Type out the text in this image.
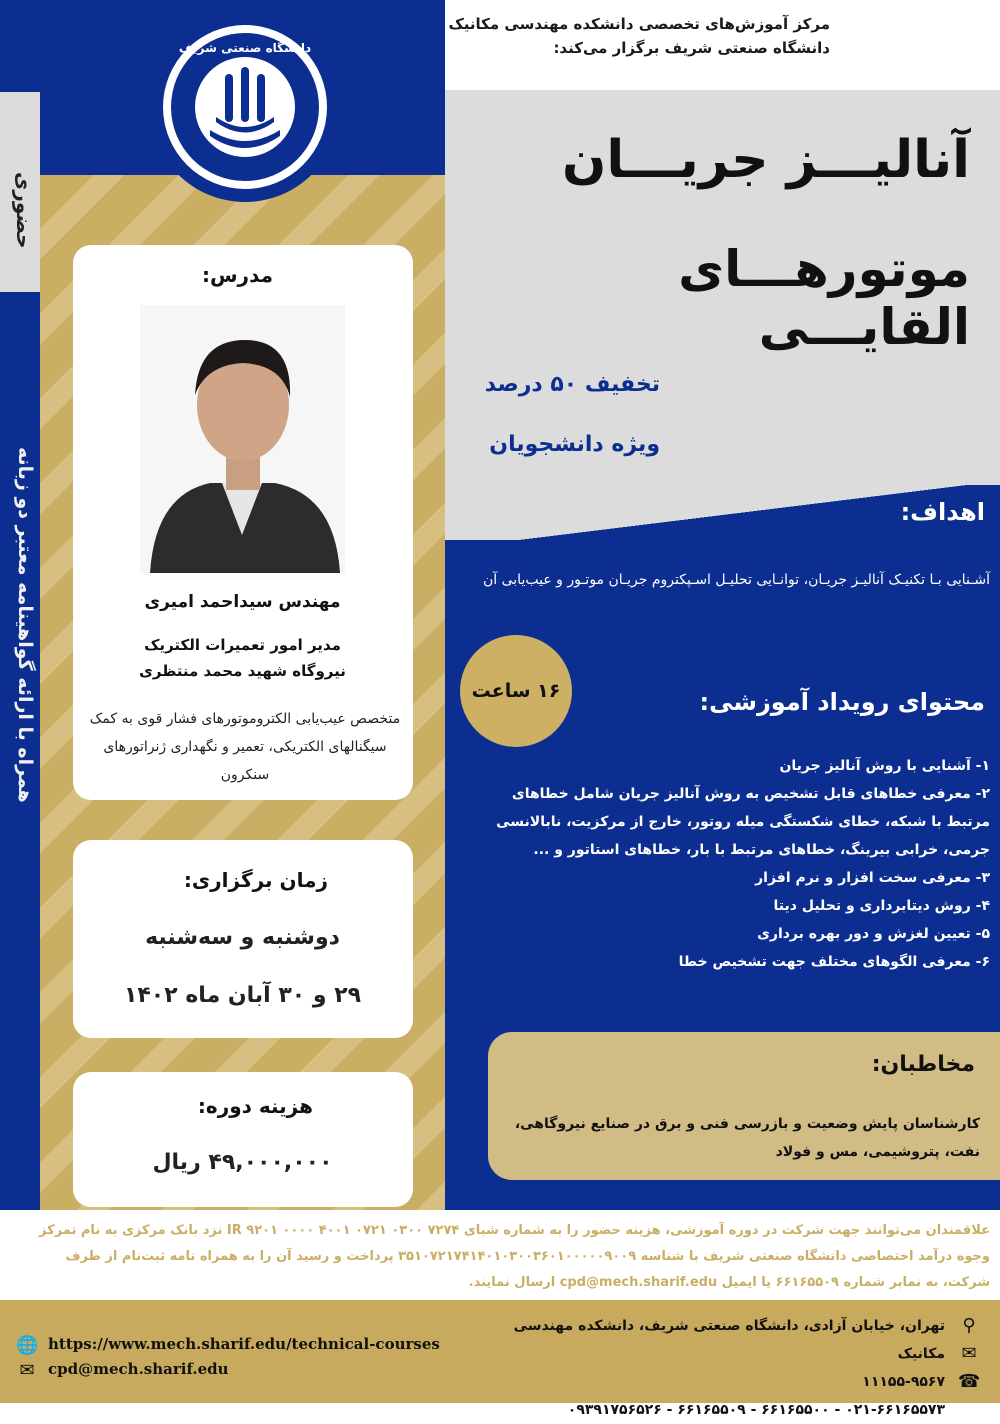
حضوری
همراه با ارائه گواهینامه معتبر دو زبانه
دانشگاه صنعتی شریف
مرکز آموزش‌های تخصصی دانشکده مهندسی مکانیک
دانشگاه صنعتی شریف برگزار می‌کند:
آنالیـــز جریـــان
موتورهـــای القایـــی
تخفیف ۵۰ درصد
ویژه دانشجویان
مدرس:
مهندس سیداحمد امیری
مدیر امور تعمیرات الکتریک
نیروگاه شهید محمد منتظری
متخصص عیب‌یابی الکتروموتورهای فشار قوی به کمک سیگنالهای الکتریکی، تعمیر و نگهداری ژنراتورهای سنکرون
زمان برگزاری:
دوشنبه و سه‌شنبه
۲۹ و ۳۰ آبان ماه ۱۴۰۲
هزینه دوره:
۴۹,۰۰۰,۰۰۰ ریال
اهداف:
آشـنایی بـا تکنیـک آنالیـز جریـان، توانـایی تحلیـل اسـپکتروم جریـان موتـور و عیب‌یابی آن
۱۶ ساعت	محتوای رویداد آموزشی:

۱- آشنایی با روش آنالیز جریان

۲- معرفی خطاهای قابل تشخیص به روش آنالیز جریان شامل خطاهای مرتبط با شبکه، خطای شکستگی میله روتور، خارج از مرکزیت، نابالانسی جرمی، خرابی بیرینگ، خطاهای مرتبط با بار، خطاهای استاتور و ...

۳- معرفی سخت افزار و نرم افزار

۴- روش دیتابرداری و تحلیل دیتا

۵- تعیین لغزش و دور بهره برداری

۶- معرفی الگوهای مختلف جهت تشخیص خطا

مخاطبان:
کارشناسان پایش وضعیت و بازرسی فنی و برق در صنایع نیروگاهی، نفت، پتروشیمی، مس و فولاد
علاقمندان می‌توانند جهت شرکت در دوره آموزشی، هزینه حضور را به شماره شبای IR ۹۲۰۱ ۰۰۰۰ ۴۰۰۱ ۰۷۲۱ ۰۳۰۰ ۷۲۷۴ نزد بانک مرکزی به نام تمرکز وجوه درآمد اختصاصی دانشگاه صنعتی شریف با شناسه ۳۵۱۰۷۲۱۷۴۱۴۰۱۰۳۰۰۳۶۰۱۰۰۰۰۰۹۰۰۹ پرداخت و رسید آن را به همراه نامه ثبت‌نام از طرف شرکت، به نمابر شماره ۶۶۱۶۵۵۰۹ یا ایمیل cpd@mech.sharif.edu ارسال نمایند.
تهران، خیابان آزادی، دانشگاه صنعتی شریف، دانشکده مهندسی مکانیک
۱۱۱۵۵-۹۵۶۷
۰۲۱-۶۶۱۶۵۵۷۳ - ۶۶۱۶۵۵۰۰ - ۶۶۱۶۵۵۰۹ - ۰۹۳۹۱۷۵۶۵۲۶
⚲
✉
☎
🌐
✉
https://www.mech.sharif.edu/technical-courses
cpd@mech.sharif.edu
